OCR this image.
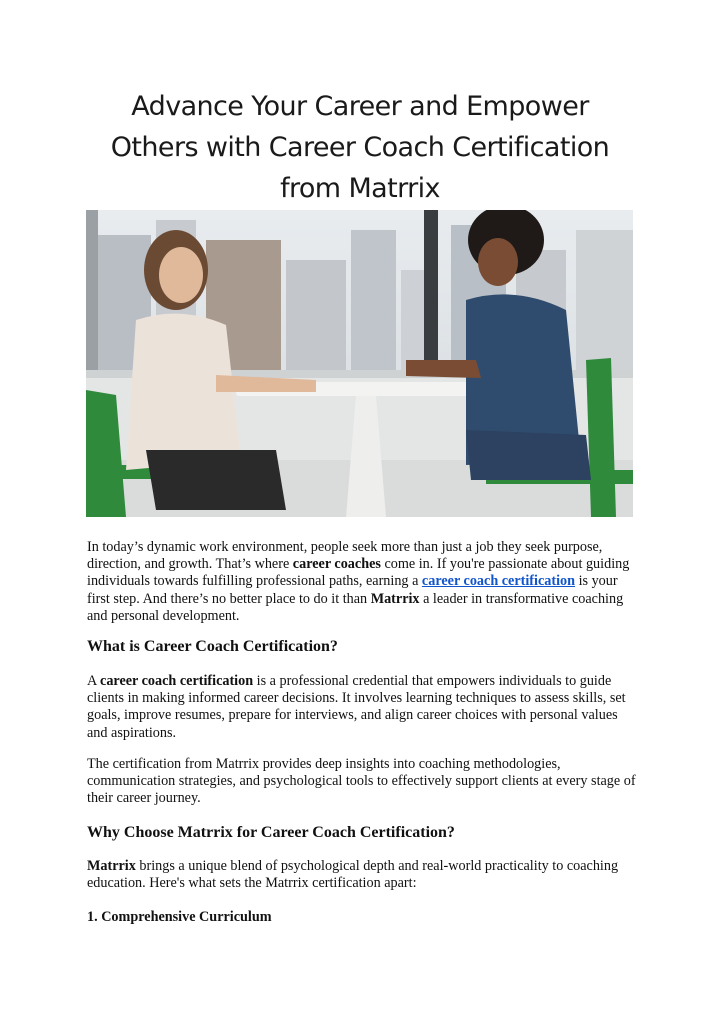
Advance Your Career and Empower Others with Career Coach Certification from Matrrix

In today’s dynamic work environment, people seek more than just a job they seek purpose, direction, and growth. That’s where career coaches come in. If you're passionate about guiding individuals towards fulfilling professional paths, earning a career coach certification is your first step. And there’s no better place to do it than Matrrix a leader in transformative coaching and personal development.

What is Career Coach Certification?

A career coach certification is a professional credential that empowers individuals to guide clients in making informed career decisions. It involves learning techniques to assess skills, set goals, improve resumes, prepare for interviews, and align career choices with personal values and aspirations.

The certification from Matrrix provides deep insights into coaching methodologies, communication strategies, and psychological tools to effectively support clients at every stage of their career journey.

Why Choose Matrrix for Career Coach Certification?

Matrrix brings a unique blend of psychological depth and real-world practicality to coaching education. Here's what sets the Matrrix certification apart:

1. Comprehensive Curriculum
